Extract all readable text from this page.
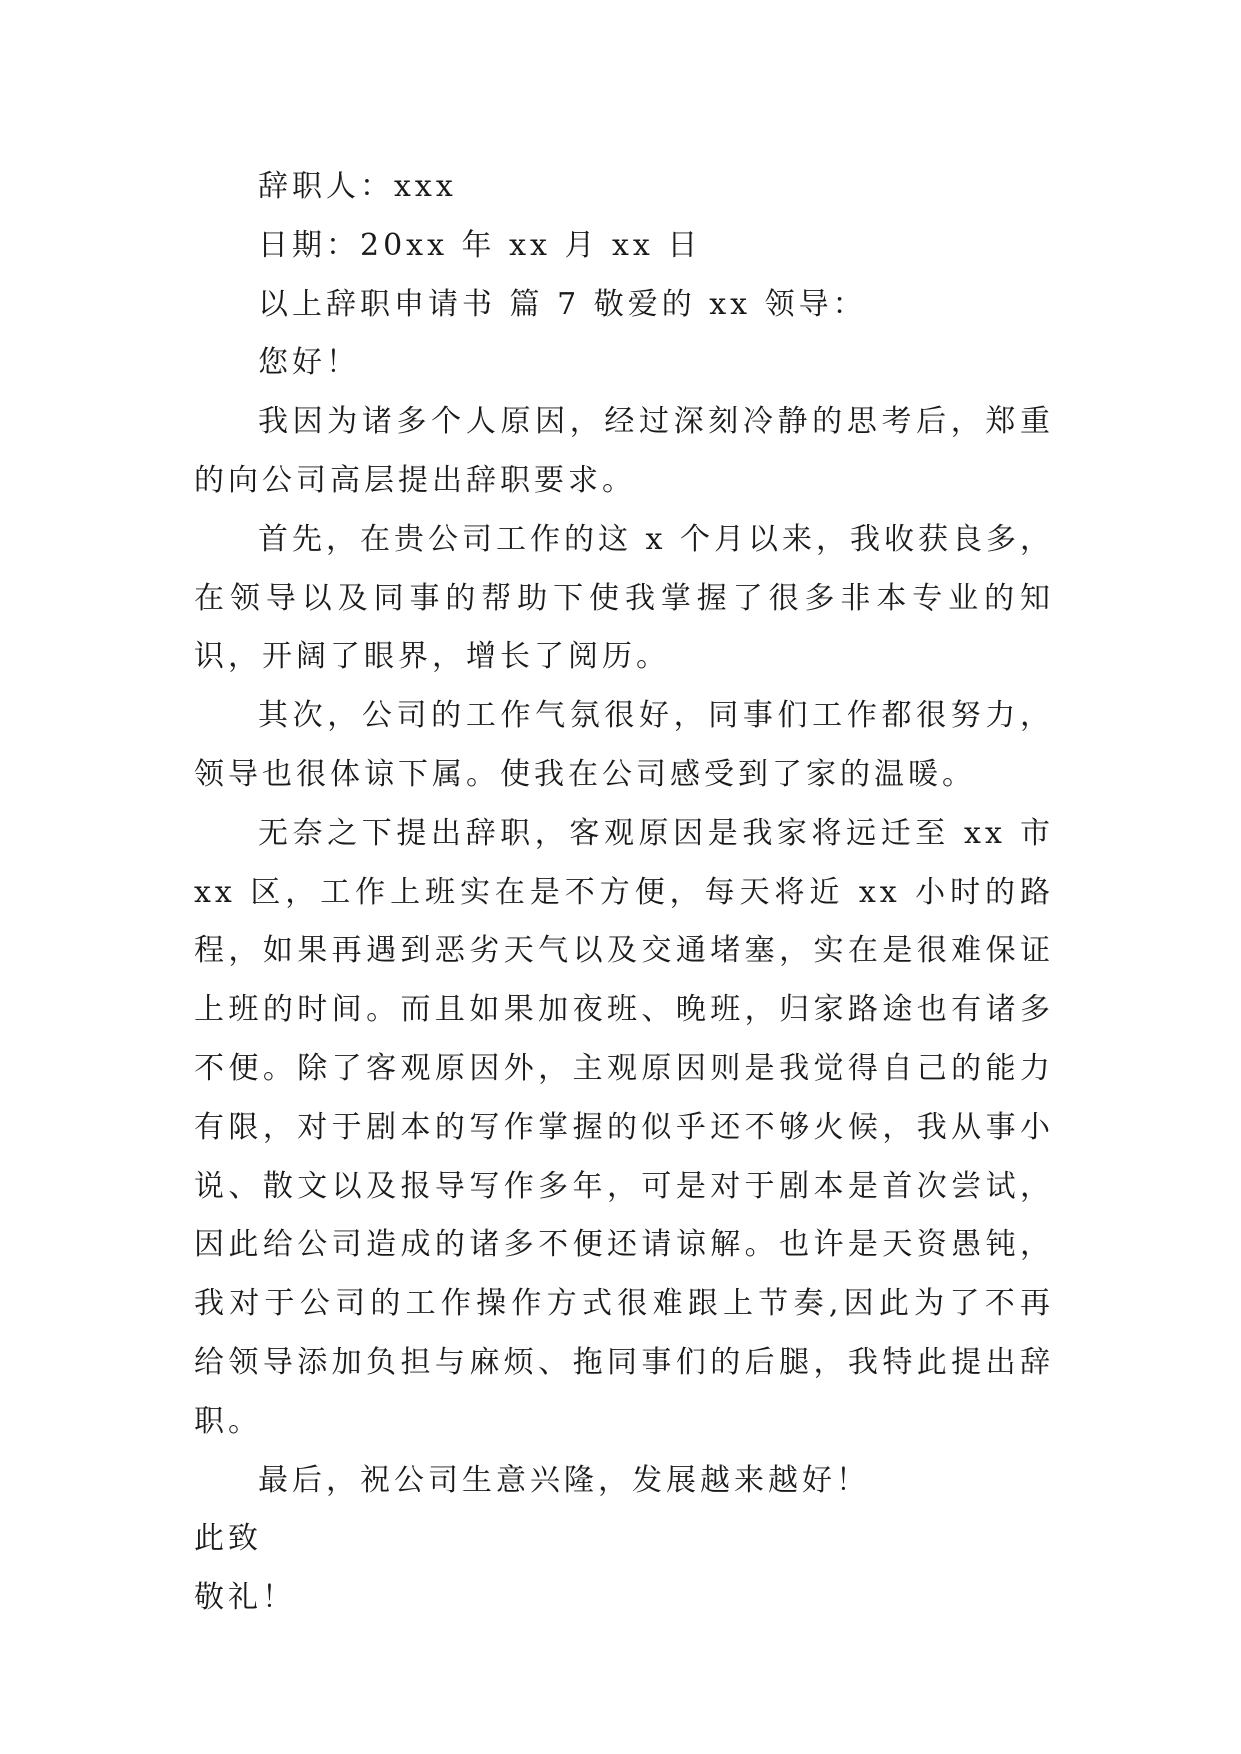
辞职人：xxx

日期：20xx 年 xx 月 xx 日

以上辞职申请书 篇 7 敬爱的 xx 领导：

您好！

我因为诸多个人原因，经过深刻冷静的思考后，郑重的向公司高层提出辞职要求。

首先，在贵公司工作的这 x 个月以来，我收获良多，在领导以及同事的帮助下使我掌握了很多非本专业的知识，开阔了眼界，增长了阅历。

其次，公司的工作气氛很好，同事们工作都很努力，领导也很体谅下属。使我在公司感受到了家的温暖。

无奈之下提出辞职，客观原因是我家将远迁至 xx 市 xx 区，工作上班实在是不方便，每天将近 xx 小时的路程，如果再遇到恶劣天气以及交通堵塞，实在是很难保证上班的时间。而且如果加夜班、晚班，归家路途也有诸多不便。除了客观原因外，主观原因则是我觉得自己的能力有限，对于剧本的写作掌握的似乎还不够火候，我从事小说、散文以及报导写作多年，可是对于剧本是首次尝试，因此给公司造成的诸多不便还请谅解。也许是天资愚钝，我对于公司的工作操作方式很难跟上节奏,因此为了不再给领导添加负担与麻烦、拖同事们的后腿，我特此提出辞职。

最后，祝公司生意兴隆，发展越来越好！

此致

敬礼！
